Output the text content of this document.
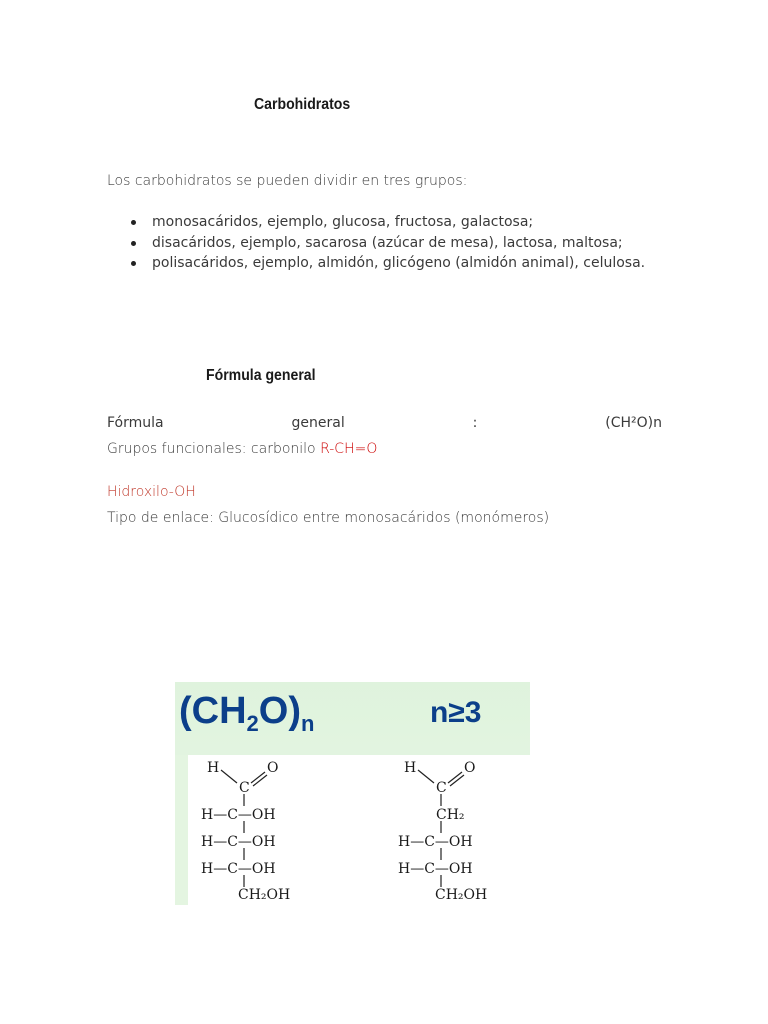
Carbohidratos
Los carbohidratos se pueden dividir en tres grupos:
monosacáridos, ejemplo, glucosa, fructosa, galactosa;
disacáridos, ejemplo, sacarosa (azúcar de mesa), lactosa, maltosa;
polisacáridos, ejemplo, almidón, glicógeno (almidón animal), celulosa.
Fórmula general
Fórmula	general	:	(CH²O)n
Grupos funcionales: carbonilo R-CH=O
Hidroxilo-OH
Tipo de enlace: Glucosídico entre monosacáridos (monómeros)
$(CH_2O)_n$	n≥3
H	O
C
H—C—OH
H—C—OH
H—C—OH
CH₂OH
H	O
C
CH₂
H—C—OH
H—C—OH
CH₂OH
